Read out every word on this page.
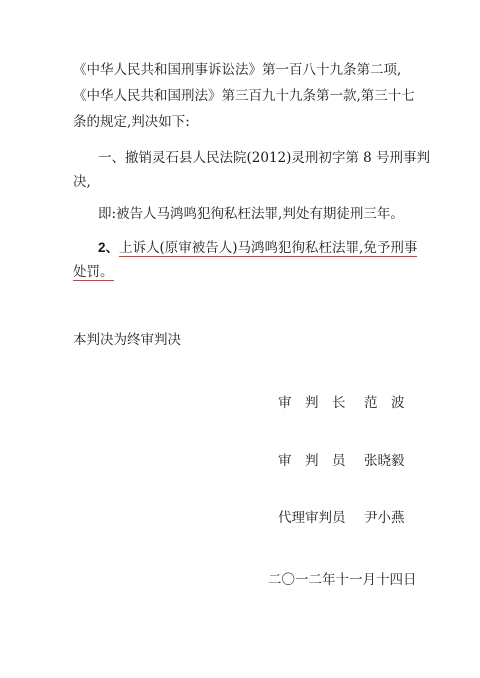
《中华人民共和国刑事诉讼法》第一百八十九条第二项,
《中华人民共和国刑法》第三百九十九条第一款,第三十七
条的规定,判决如下:
一、撤销灵石县人民法院(2012)灵刑初字第 8 号刑事判
决,
即:被告人马鸿鸣犯徇私枉法罪,判处有期徒刑三年。
2、上诉人(原审被告人)马鸿鸣犯徇私枉法罪,免予刑事
处罚。
本判决为终审判决
审　判　长 范　波
审　判　员 张晓毅
代理审判员 尹小燕
二〇一二年十一月十四日
